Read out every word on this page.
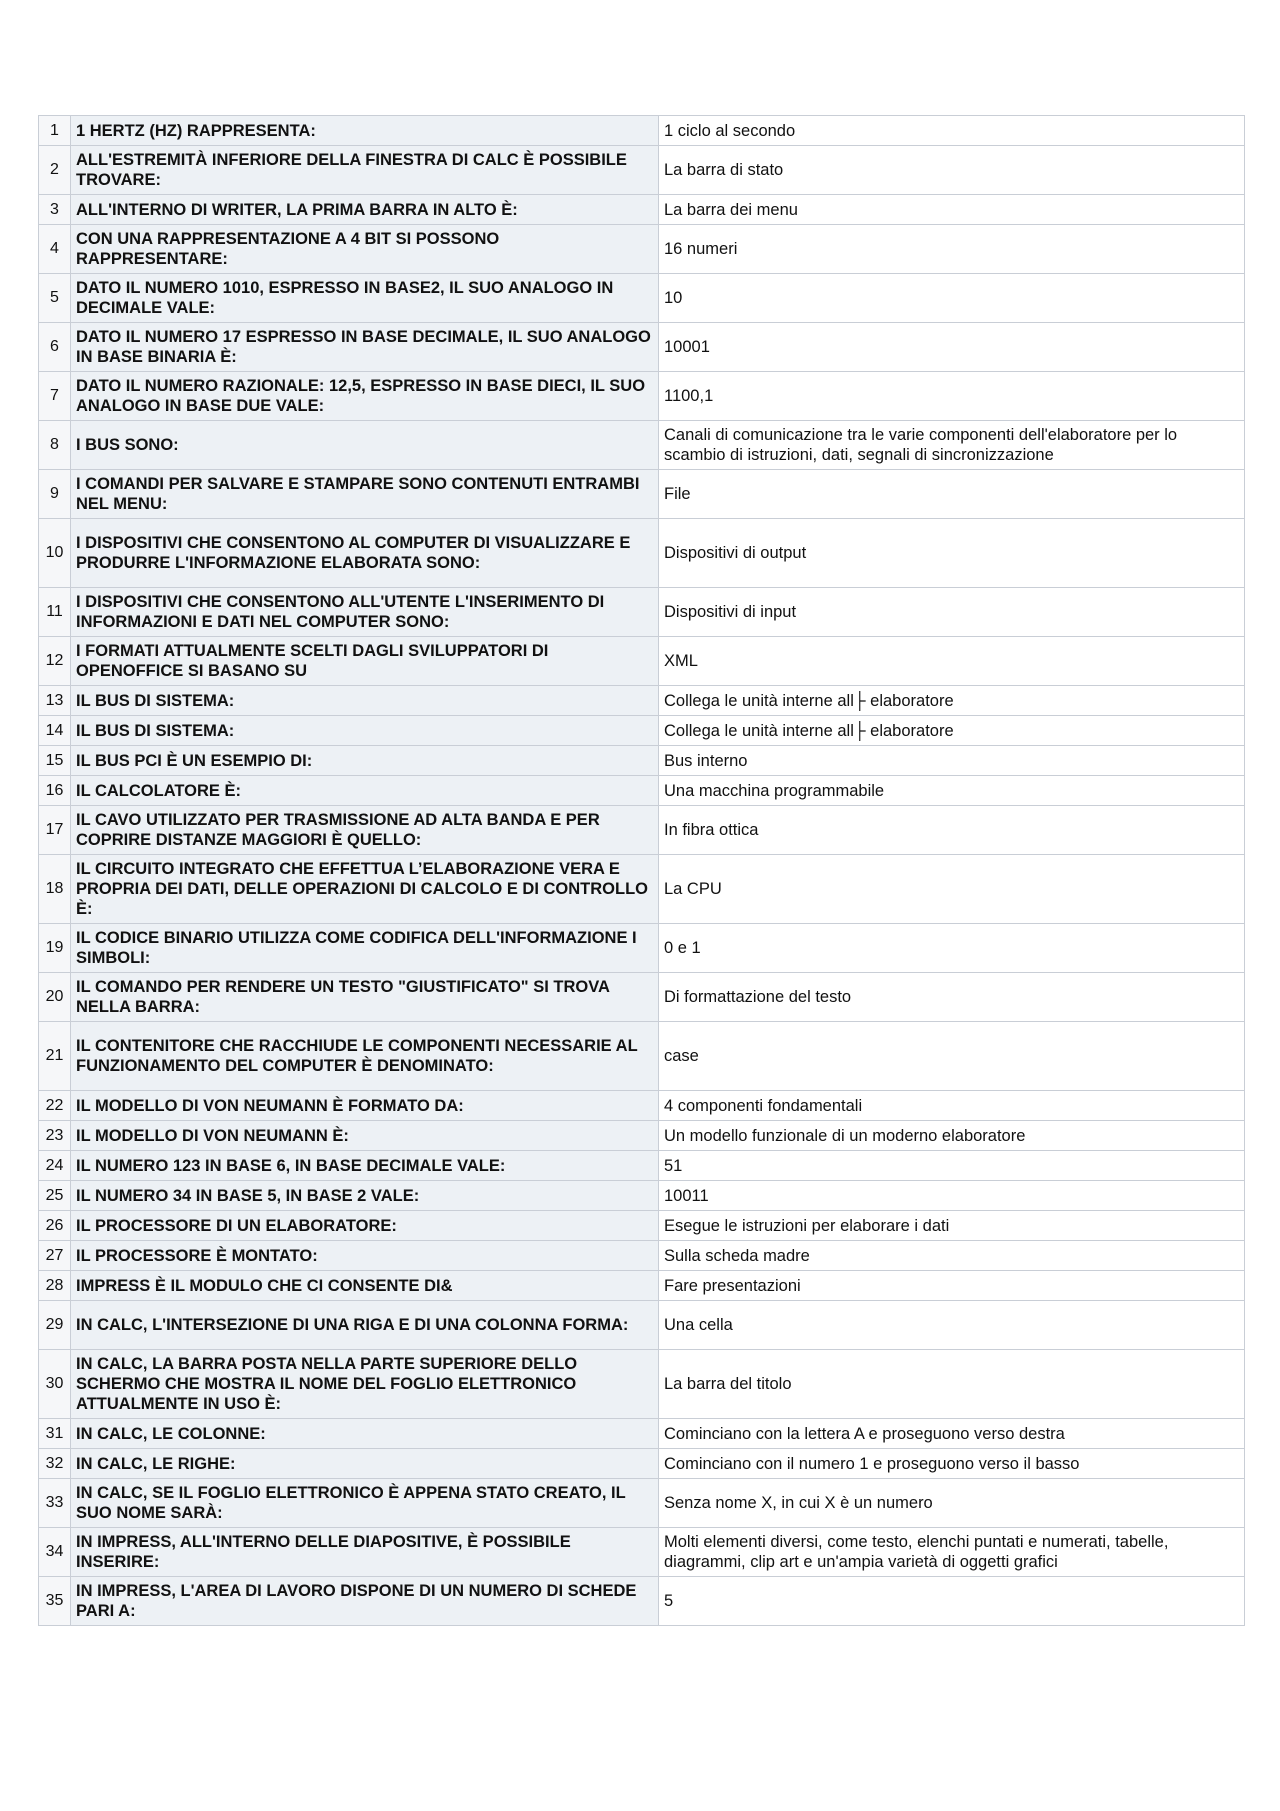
1	1 HERTZ (HZ) RAPPRESENTA:	1 ciclo al secondo
2	ALL'ESTREMITÀ INFERIORE DELLA FINESTRA DI CALC È POSSIBILE TROVARE:	La barra di stato
3	ALL'INTERNO DI WRITER, LA PRIMA BARRA IN ALTO È:	La barra dei menu
4	CON UNA RAPPRESENTAZIONE A 4 BIT SI POSSONO RAPPRESENTARE:	16 numeri
5	DATO IL NUMERO 1010, ESPRESSO IN BASE2, IL SUO ANALOGO IN DECIMALE VALE:	10
6	DATO IL NUMERO 17 ESPRESSO IN BASE DECIMALE, IL SUO ANALOGO IN BASE BINARIA È:	10001
7	DATO IL NUMERO RAZIONALE: 12,5, ESPRESSO IN BASE DIECI, IL SUO ANALOGO IN BASE DUE VALE:	1100,1
8	I BUS SONO:	Canali di comunicazione tra le varie componenti dell'elaboratore per lo scambio di istruzioni, dati, segnali di sincronizzazione
9	I COMANDI PER SALVARE E STAMPARE SONO CONTENUTI ENTRAMBI NEL MENU:	File
10	I DISPOSITIVI CHE CONSENTONO AL COMPUTER DI VISUALIZZARE E PRODURRE L'INFORMAZIONE ELABORATA SONO:	Dispositivi di output
11	I DISPOSITIVI CHE CONSENTONO ALL'UTENTE L'INSERIMENTO DI INFORMAZIONI E DATI NEL COMPUTER SONO:	Dispositivi di input
12	I FORMATI ATTUALMENTE SCELTI DAGLI SVILUPPATORI DI OPENOFFICE SI BASANO SU	XML
13	IL BUS DI SISTEMA:	Collega le unità interne all├ elaboratore
14	IL BUS DI SISTEMA:	Collega le unità interne all├ elaboratore
15	IL BUS PCI È UN ESEMPIO DI:	Bus interno
16	IL CALCOLATORE È:	Una macchina programmabile
17	IL CAVO UTILIZZATO PER TRASMISSIONE AD ALTA BANDA E PER COPRIRE DISTANZE MAGGIORI È QUELLO:	In fibra ottica
18	IL CIRCUITO INTEGRATO CHE EFFETTUA L’ELABORAZIONE VERA E PROPRIA DEI DATI, DELLE OPERAZIONI DI CALCOLO E DI CONTROLLO È:	La CPU
19	IL CODICE BINARIO UTILIZZA COME CODIFICA DELL'INFORMAZIONE I SIMBOLI:	0 e 1
20	IL COMANDO PER RENDERE UN TESTO "GIUSTIFICATO" SI TROVA NELLA BARRA:	Di formattazione del testo
21	IL CONTENITORE CHE RACCHIUDE LE COMPONENTI NECESSARIE AL FUNZIONAMENTO DEL COMPUTER È DENOMINATO:	case
22	IL MODELLO DI VON NEUMANN È FORMATO DA:	4 componenti fondamentali
23	IL MODELLO DI VON NEUMANN È:	Un modello funzionale di un moderno elaboratore
24	IL NUMERO 123 IN BASE 6, IN BASE DECIMALE VALE:	51
25	IL NUMERO 34 IN BASE 5, IN BASE 2 VALE:	10011
26	IL PROCESSORE DI UN ELABORATORE:	Esegue le istruzioni per elaborare i dati
27	IL PROCESSORE È MONTATO:	Sulla scheda madre
28	IMPRESS È IL MODULO CHE CI CONSENTE DI&	Fare presentazioni
29	IN CALC, L'INTERSEZIONE DI UNA RIGA E DI UNA COLONNA FORMA:	Una cella
30	IN CALC, LA BARRA POSTA NELLA PARTE SUPERIORE DELLO SCHERMO CHE MOSTRA IL NOME DEL FOGLIO ELETTRONICO ATTUALMENTE IN USO È:	La barra del titolo
31	IN CALC, LE COLONNE:	Cominciano con la lettera A e proseguono verso destra
32	IN CALC, LE RIGHE:	Cominciano con il numero 1 e proseguono verso il basso
33	IN CALC, SE IL FOGLIO ELETTRONICO È APPENA STATO CREATO, IL SUO NOME SARÀ:	Senza nome X, in cui X è un numero
34	IN IMPRESS, ALL'INTERNO DELLE DIAPOSITIVE, È POSSIBILE INSERIRE:	Molti elementi diversi, come testo, elenchi puntati e numerati, tabelle, diagrammi, clip art e un'ampia varietà di oggetti grafici
35	IN IMPRESS, L'AREA DI LAVORO DISPONE DI UN NUMERO DI SCHEDE PARI A:	5
